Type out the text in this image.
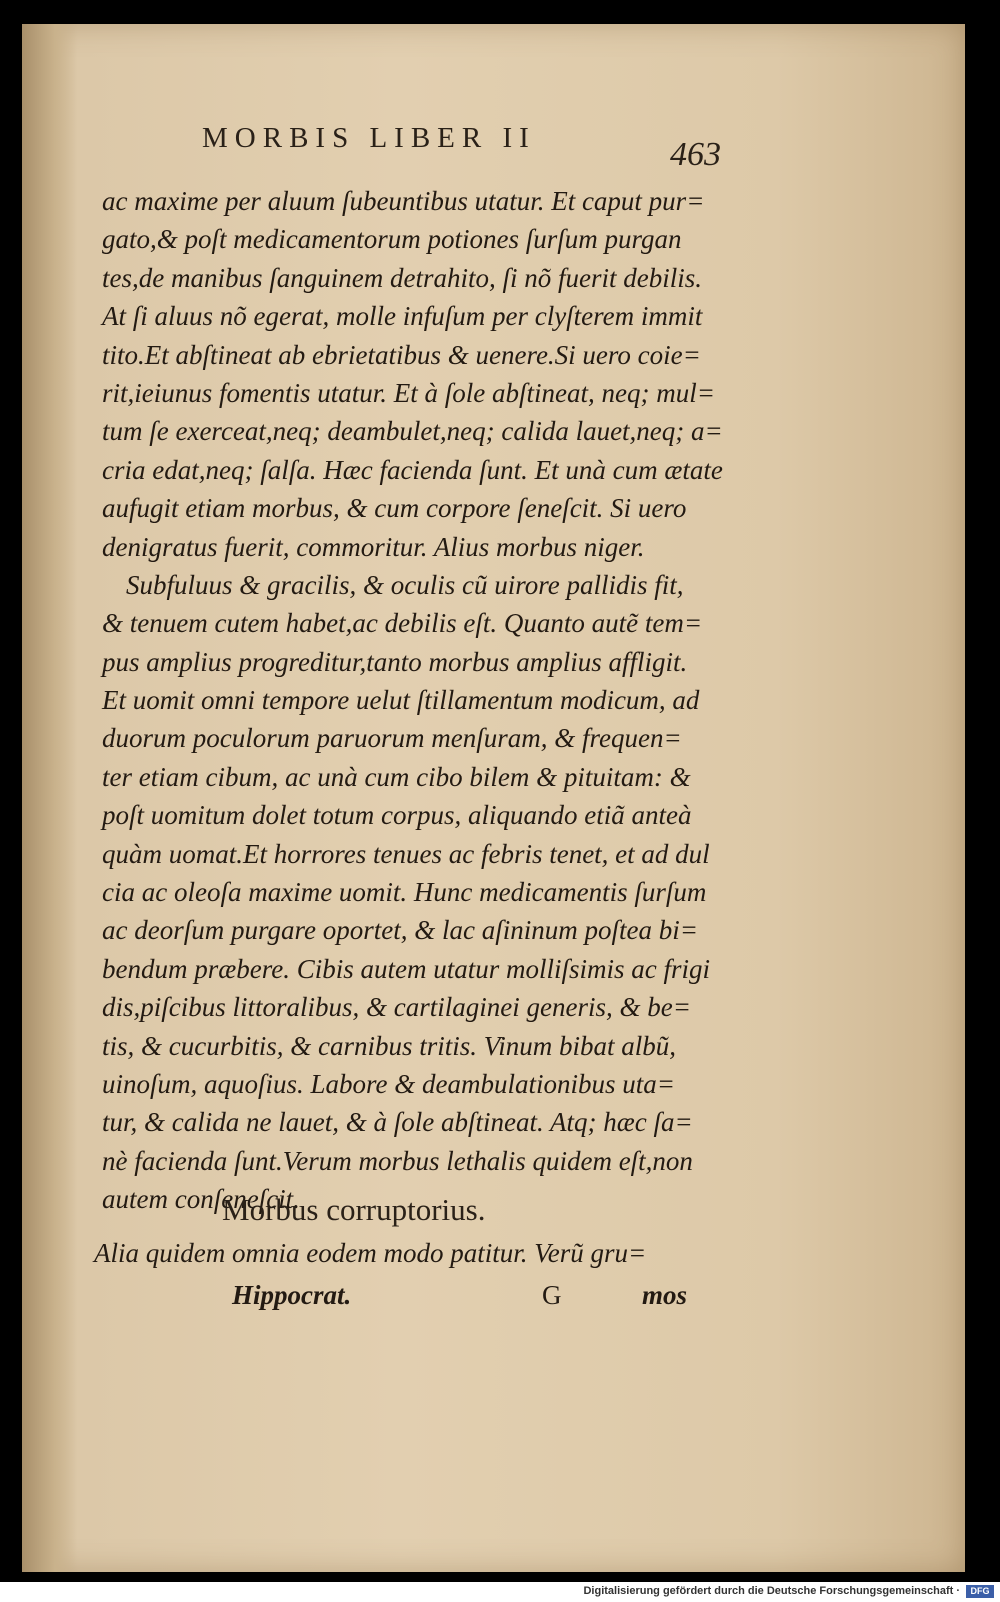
MORBIS LIBER II	463
ac maxime per aluum ſubeuntibus utatur. Et caput pur=
gato,& poſt medicamentorum potiones ſurſum purgan
tes,de manibus ſanguinem detrahito, ſi nõ fuerit debilis.
At ſi aluus nõ egerat, molle infuſum per clyſterem immit
tito.Et abſtineat ab ebrietatibus & uenere.Si uero coie=
rit,ieiunus fomentis utatur. Et à ſole abſtineat, neq; mul=
tum ſe exerceat,neq; deambulet,neq; calida lauet,neq; a=
cria edat,neq; ſalſa. Hæc facienda ſunt. Et unà cum ætate
aufugit etiam morbus, & cum corpore ſeneſcit. Si uero
denigratus fuerit, commoritur. Alius morbus niger.
Subfuluus & gracilis, & oculis cũ uirore pallidis fit,
& tenuem cutem habet,ac debilis eſt. Quanto autẽ tem=
pus amplius progreditur,tanto morbus amplius affligit.
Et uomit omni tempore uelut ſtillamentum modicum, ad
duorum poculorum paruorum menſuram, & frequen=
ter etiam cibum, ac unà cum cibo bilem & pituitam: &
poſt uomitum dolet totum corpus, aliquando etiã anteà
quàm uomat.Et horrores tenues ac febris tenet, et ad dul
cia ac oleoſa maxime uomit. Hunc medicamentis ſurſum
ac deorſum purgare oportet, & lac aſininum poſtea bi=
bendum præbere. Cibis autem utatur molliſsimis ac frigi
dis,piſcibus littoralibus, & cartilaginei generis, & be=
tis, & cucurbitis, & carnibus tritis. Vinum bibat albũ,
uinoſum, aquoſius. Labore & deambulationibus uta=
tur, & calida ne lauet, & à ſole abſtineat. Atq; hæc ſa=
nè facienda ſunt.Verum morbus lethalis quidem eſt,non
autem conſeneſcit.
Morbus corruptorius.
Alia quidem omnia eodem modo patitur. Verũ gru=
Hippocrat.	G	mos
Digitalisierung gefördert durch die Deutsche Forschungsgemeinschaft ·	DFG
